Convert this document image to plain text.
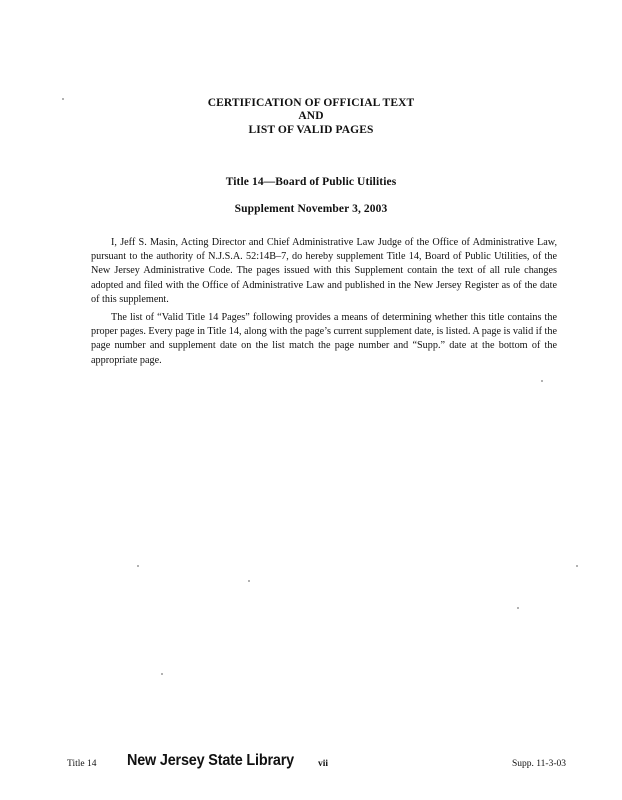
CERTIFICATION OF OFFICIAL TEXT
AND
LIST OF VALID PAGES
Title 14—Board of Public Utilities
Supplement November 3, 2003

I, Jeff S. Masin, Acting Director and Chief Administrative Law Judge of the Office of Administrative Law, pursuant to the authority of N.J.S.A. 52:14B–7, do hereby supplement Title 14, Board of Public Utilities, of the New Jersey Administrative Code. The pages issued with this Supplement contain the text of all rule changes adopted and filed with the Office of Administrative Law and published in the New Jersey Register as of the date of this supplement.

The list of “Valid Title 14 Pages” following provides a means of determining whether this title contains the proper pages. Every page in Title 14, along with the page’s current supplement date, is listed. A page is valid if the page number and supplement date on the list match the page number and “Supp.” date at the bottom of the appropriate page.

Title 14 New Jersey State Library	vii	Supp. 11-3-03
